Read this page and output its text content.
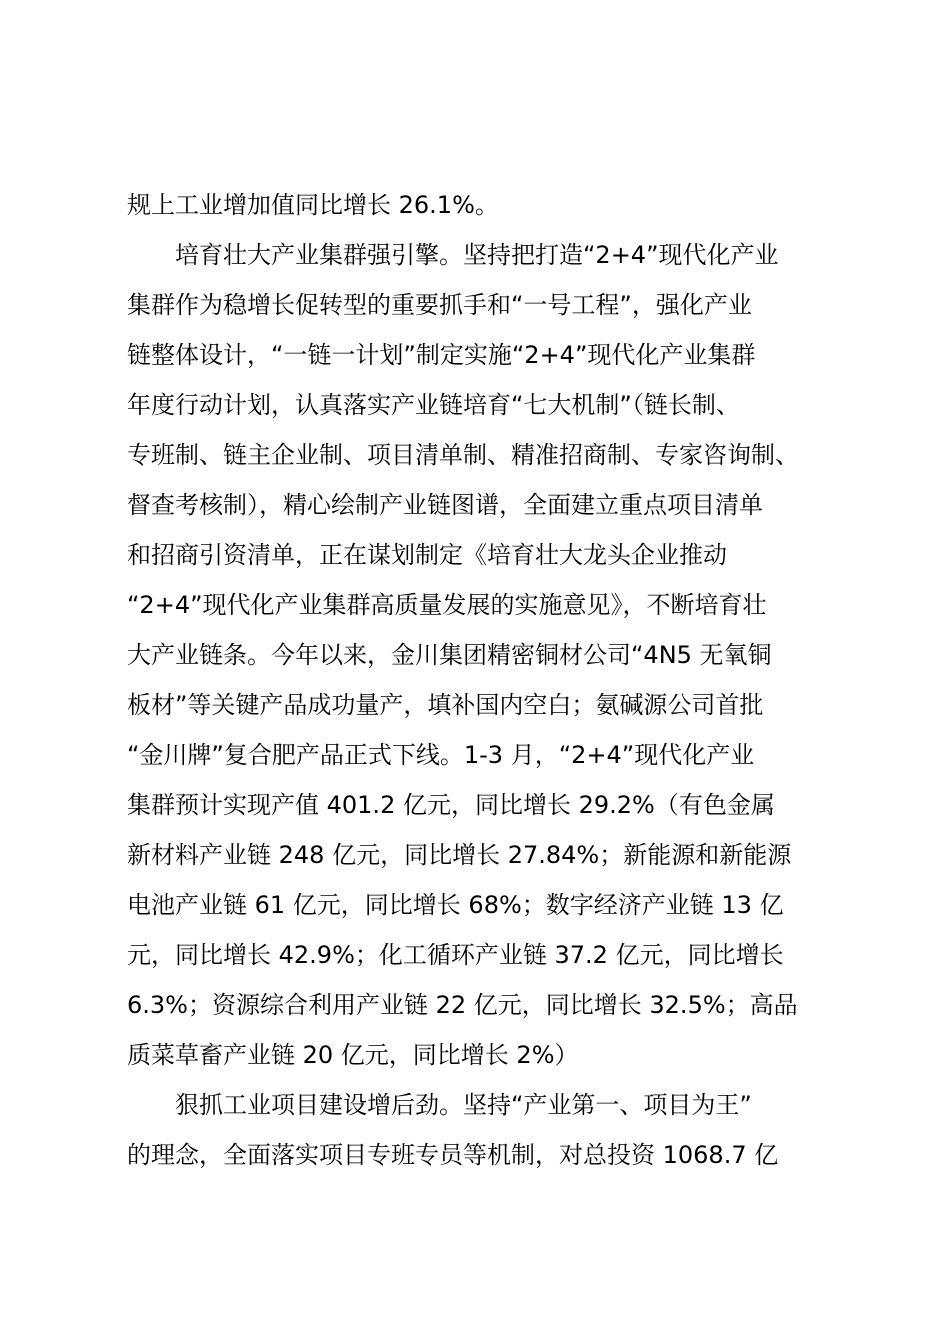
规上工业增加值同比增长 26.1%。
培育壮大产业集群强引擎。坚持把打造“2+4”现代化产业
集群作为稳增长促转型的重要抓手和“一号工程”，强化产业
链整体设计，“一链一计划”制定实施“2+4”现代化产业集群
年度行动计划，认真落实产业链培育“七大机制”（链长制、
专班制、链主企业制、项目清单制、精准招商制、专家咨询制、
督查考核制），精心绘制产业链图谱，全面建立重点项目清单
和招商引资清单，正在谋划制定《培育壮大龙头企业推动
“2+4”现代化产业集群高质量发展的实施意见》，不断培育壮
大产业链条。今年以来，金川集团精密铜材公司“4N5 无氧铜
板材”等关键产品成功量产，填补国内空白；氨碱源公司首批
“金川牌”复合肥产品正式下线。1-3 月，“2+4”现代化产业
集群预计实现产值 401.2 亿元，同比增长 29.2%（有色金属
新材料产业链 248 亿元，同比增长 27.84%；新能源和新能源
电池产业链 61 亿元，同比增长 68%；数字经济产业链 13 亿
元，同比增长 42.9%；化工循环产业链 37.2 亿元，同比增长
6.3%；资源综合利用产业链 22 亿元，同比增长 32.5%；高品
质菜草畜产业链 20 亿元，同比增长 2%）
狠抓工业项目建设增后劲。坚持“产业第一、项目为王”
的理念，全面落实项目专班专员等机制，对总投资 1068.7 亿
